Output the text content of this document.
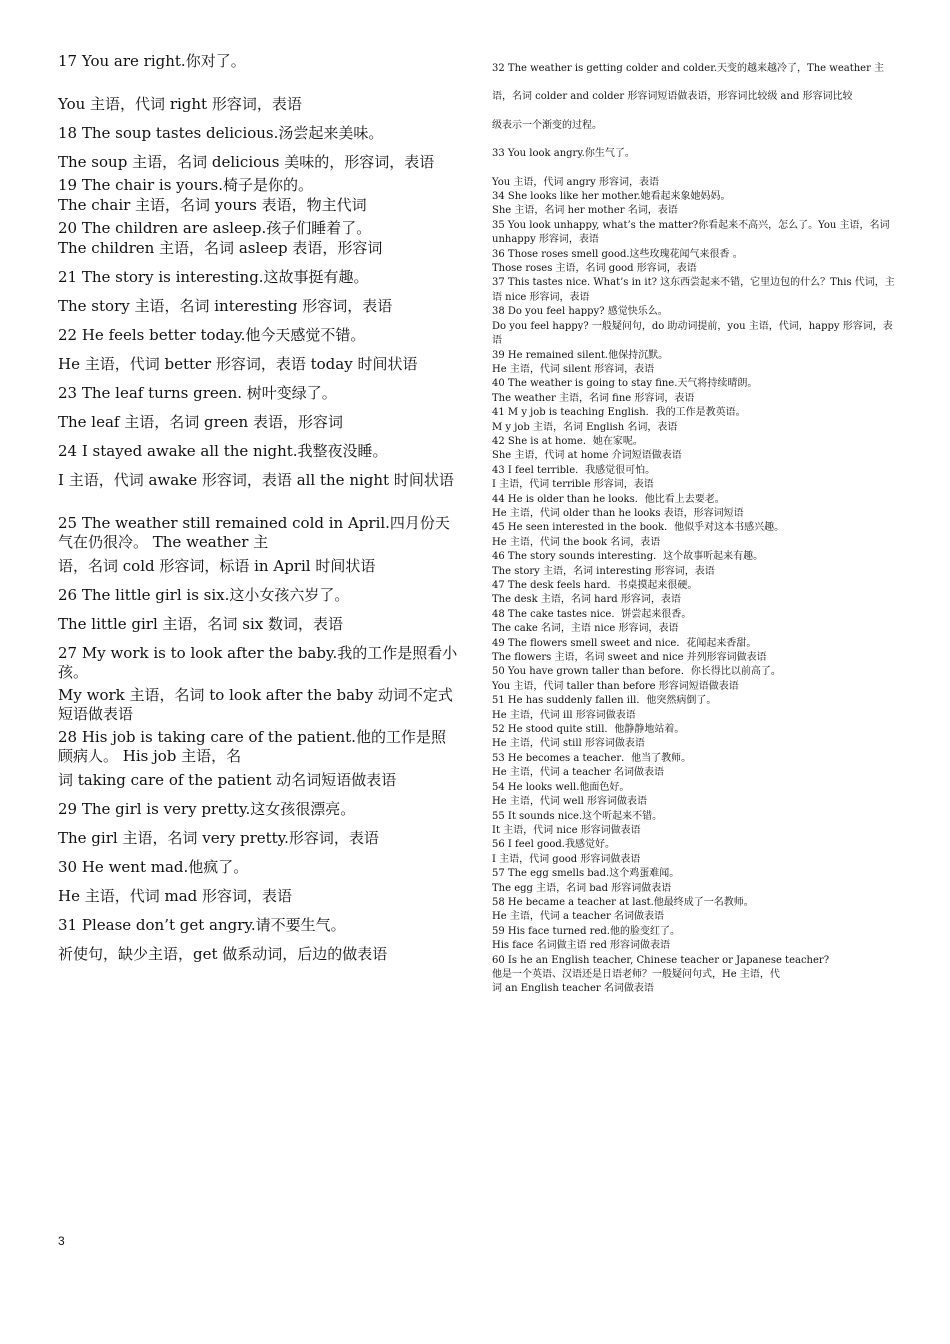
17 You are right.你对了。

You 主语，代词 right 形容词，表语

18 The soup tastes delicious.汤尝起来美味。

The soup 主语，名词 delicious 美味的，形容词，表语

19 The chair is yours.椅子是你的。

The chair 主语，名词 yours 表语，物主代词

20 The children are asleep.孩子们睡着了。

The children 主语，名词 asleep 表语，形容词

21 The story is interesting.这故事挺有趣。

The story 主语，名词 interesting 形容词，表语

22 He feels better today.他今天感觉不错。

He 主语，代词 better 形容词，表语 today 时间状语

23 The leaf turns green. 树叶变绿了。

The leaf 主语，名词 green 表语，形容词

24 I stayed awake all the night.我整夜没睡。

I 主语，代词 awake 形容词，表语 all the night 时间状语

25 The weather still remained cold in April.四月份天气在仍很冷。 The weather 主

语，名词 cold 形容词，标语 in April 时间状语

26 The little girl is six.这小女孩六岁了。

The little girl 主语，名词 six 数词，表语

27 My work is to look after the baby.我的工作是照看小孩。

My work 主语，名词 to look after the baby 动词不定式短语做表语

28 His job is taking care of the patient.他的工作是照顾病人。 His job 主语，名

词 taking care of the patient 动名词短语做表语

29 The girl is very pretty.这女孩很漂亮。

The girl 主语，名词 very pretty.形容词，表语

30 He went mad.他疯了。

He 主语，代词 mad 形容词，表语

31 Please don’t get angry.请不要生气。

祈使句，缺少主语，get 做系动词，后边的做表语

32 The weather is getting colder and colder.天变的越来越冷了，The weather 主

语，名词 colder and colder 形容词短语做表语，形容词比较级 and 形容词比较

级表示一个渐变的过程。

33 You look angry.你生气了。

You 主语，代词 angry 形容词，表语

34 She looks like her mother.她看起来象她妈妈。

She 主语，名词 her mother 名词，表语

35 You look unhappy, what’s the matter?你看起来不高兴，怎么了。You 主语，名词 unhappy 形容词，表语

36 Those roses smell good.这些玫瑰花闻气来很香 。

Those roses 主语，名词 good 形容词，表语

37 This tastes nice. What’s in it? 这东西尝起来不错，它里边包的什么？This 代词，主语 nice 形容词，表语

38 Do you feel happy? 感觉快乐么。

Do you feel happy? 一般疑问句，do 助动词提前，you 主语，代词，happy 形容词，表语

39 He remained silent.他保持沉默。

He 主语，代词 silent 形容词，表语

40 The weather is going to stay fine.天气将持续晴朗。

The weather 主语，名词 fine 形容词，表语

41 M y job is teaching English．我的工作是教英语。

M y job 主语，名词 English 名词，表语

42 She is at home．她在家呢。

She 主语，代词 at home 介词短语做表语

43 I feel terrible．我感觉很可怕。

I 主语，代词 terrible 形容词，表语

44 He is older than he looks．他比看上去要老。

He 主语，代词 older than he looks 表语，形容词短语

45 He seen interested in the book．他似乎对这本书感兴趣。

He 主语，代词 the book 名词，表语

46 The story sounds interesting．这个故事听起来有趣。

The story 主语，名词 interesting 形容词，表语

47 The desk feels hard．书桌摸起来很硬。

The desk 主语，名词 hard 形容词，表语

48 The cake tastes nice．饼尝起来很香。

The cake 名词，主语 nice 形容词，表语

49 The flowers smell sweet and nice．花闻起来香甜。

The flowers 主语，名词 sweet and nice 并列形容词做表语

50 You have grown taller than before．你长得比以前高了。

You 主语，代词 taller than before 形容词短语做表语

51 He has suddenly fallen ill．他突然病倒了。

He 主语，代词 ill 形容词做表语

52 He stood quite still．他静静地站着。

He 主语，代词 still 形容词做表语

53 He becomes a teacher．他当了教师。

He 主语，代词 a teacher 名词做表语

54 He looks well.他面色好。

He 主语，代词 well 形容词做表语

55 It sounds nice.这个听起来不错。

It 主语，代词 nice 形容词做表语

56 I feel good.我感觉好。

I 主语，代词 good 形容词做表语

57 The egg smells bad.这个鸡蛋难闻。

The egg 主语，名词 bad 形容词做表语

58 He became a teacher at last.他最终成了一名教师。

He 主语，代词 a teacher 名词做表语

59 His face turned red.他的脸变红了。

His face 名词做主语 red 形容词做表语

60 Is he an English teacher, Chinese teacher or Japanese teacher?

他是一个英语、汉语还是日语老师？一般疑问句式，He 主语，代

词 an English teacher 名词做表语

3
